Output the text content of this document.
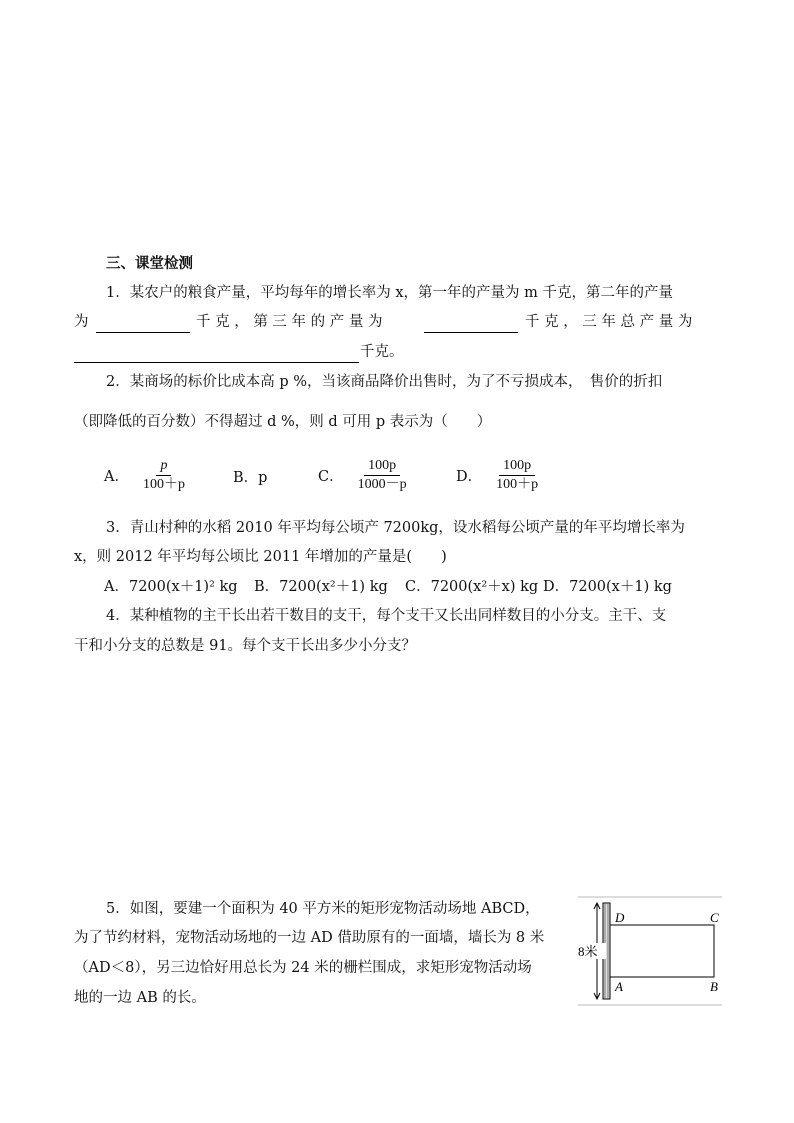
三、课堂检测
1．某农户的粮食产量，平均每年的增长率为 x，第一年的产量为 m 千克，第二年的产量
为	千 克 ， 第 三 年 的 产 量 为	千 克 ， 三 年 总 产 量 为
千克。
2．某商场的标价比成本高 p %，当该商品降价出售时，为了不亏损成本，　售价的折扣
（即降低的百分数）不得超过 d %，则 d 可用 p 表示为（　　）
A． $\frac{p}{100+p}$	B．p	C． $\frac{100p}{1000-p}$	D． $\frac{100p}{100+p}$
3．青山村种的水稻 2010 年平均每公顷产 7200kg，设水稻每公顷产量的年平均增长率为
x，则 2012 年平均每公顷比 2011 年增加的产量是(　　)
A．7200(x＋1)² kg B．7200(x²＋1) kg C．7200(x²＋x) kg D．7200(x＋1) kg
4．某种植物的主干长出若干数目的支干，每个支干又长出同样数目的小分支。主干、支
干和小分支的总数是 91。每个支干长出多少小分支？
5．如图，要建一个面积为 40 平方米的矩形宠物活动场地 ABCD，
为了节约材料，宠物活动场地的一边 AD 借助原有的一面墙，墙长为 8 米
（AD＜8），另三边恰好用总长为 24 米的栅栏围成，求矩形宠物活动场
地的一边 AB 的长。
8米
D	C
A	B
